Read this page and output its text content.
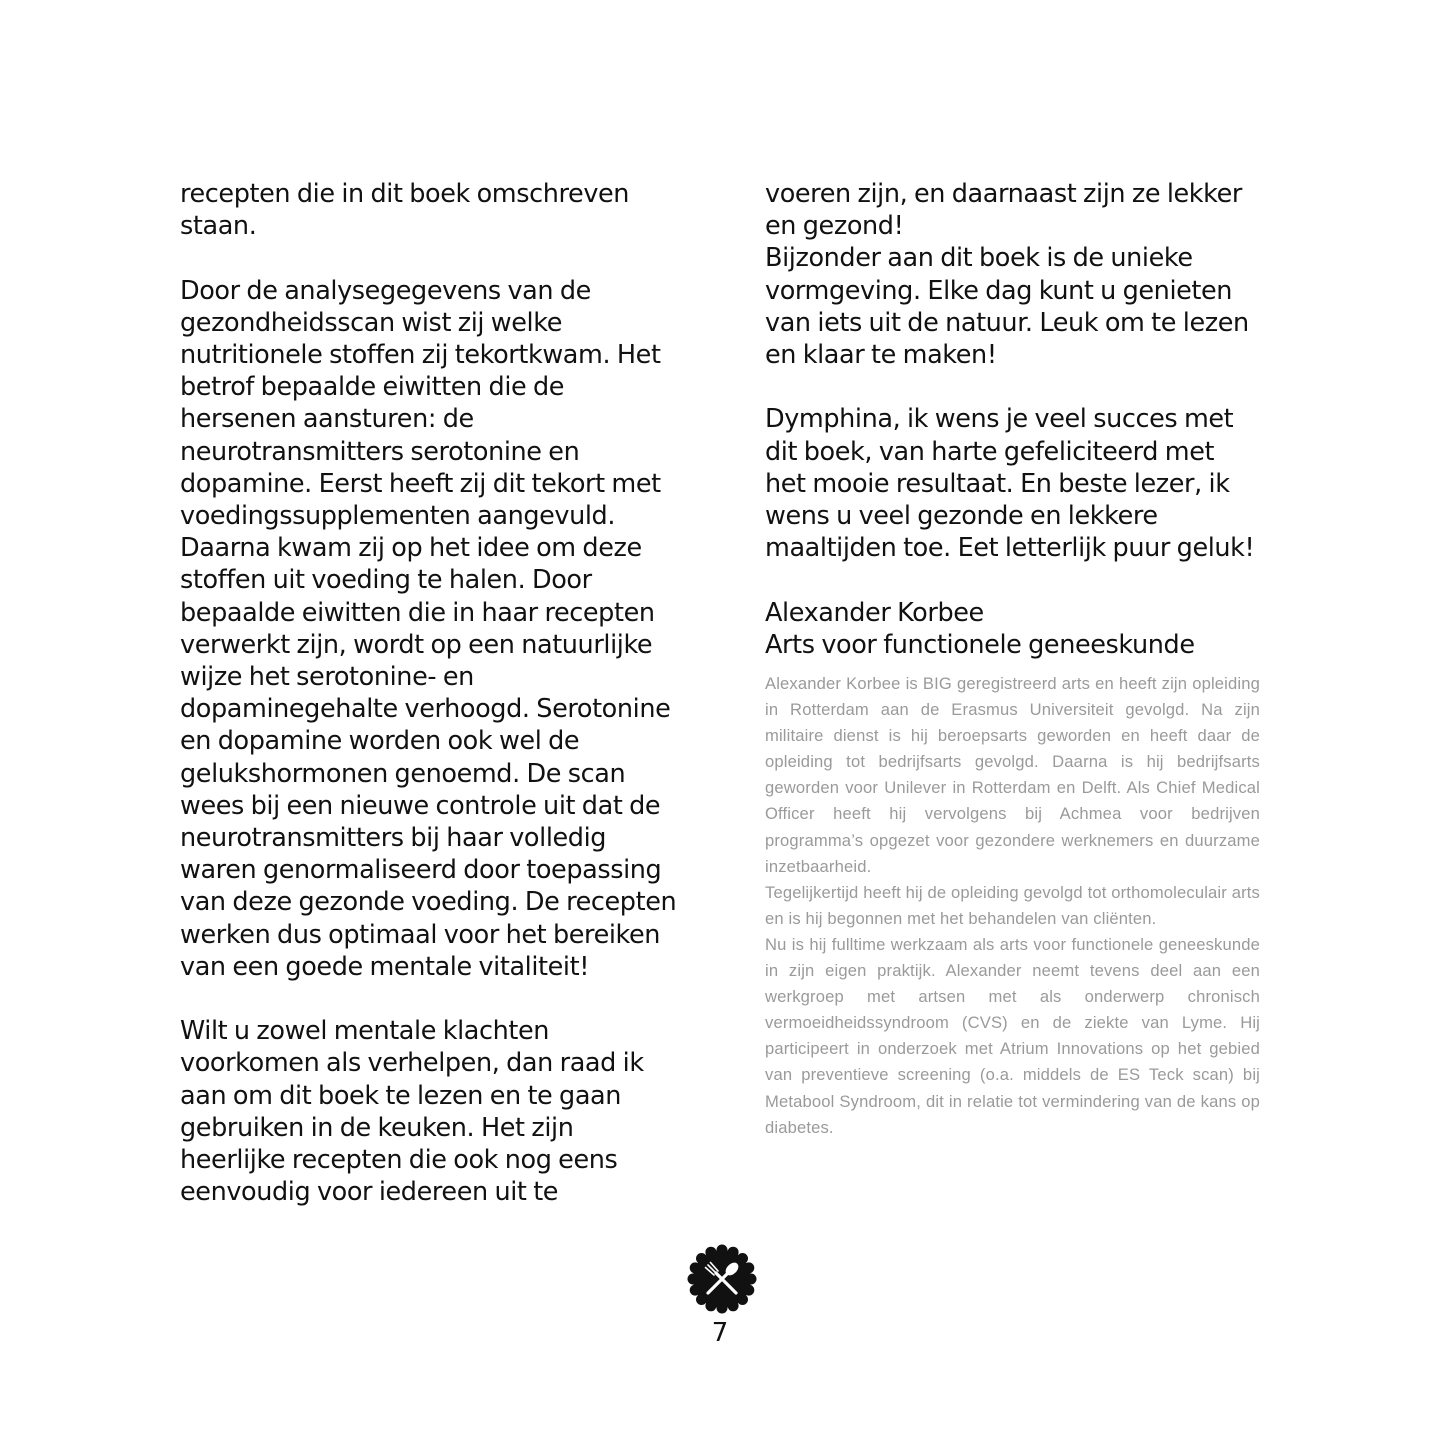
recepten die in dit boek omschreven staan.

Door de analysegegevens van de gezondheidsscan wist zij welke nutritionele stoffen zij tekortkwam. Het betrof bepaalde eiwitten die de hersenen aansturen: de neurotransmitters serotonine en dopamine. Eerst heeft zij dit tekort met voedingssupplementen aangevuld. Daarna kwam zij op het idee om deze stoffen uit voeding te halen. Door bepaalde eiwitten die in haar recepten verwerkt zijn, wordt op een natuurlijke wijze het serotonine- en dopaminegehalte verhoogd. Serotonine en dopamine worden ook wel de gelukshormonen genoemd. De scan wees bij een nieuwe controle uit dat de neurotransmitters bij haar volledig waren genormaliseerd door toepassing van deze gezonde voeding. De recepten werken dus optimaal voor het bereiken van een goede mentale vitaliteit!

Wilt u zowel mentale klachten voorkomen als verhelpen, dan raad ik aan om dit boek te lezen en te gaan gebruiken in de keuken. Het zijn heerlijke recepten die ook nog eens eenvoudig voor iedereen uit te

voeren zijn, en daarnaast zijn ze lekker en gezond!

Bijzonder aan dit boek is de unieke vormgeving. Elke dag kunt u genieten van iets uit de natuur. Leuk om te lezen en klaar te maken!

Dymphina, ik wens je veel succes met dit boek, van harte gefeliciteerd met het mooie resultaat. En beste lezer, ik wens u veel gezonde en lekkere maaltijden toe. Eet letterlijk puur geluk!

Alexander Korbee

Arts voor functionele geneeskunde

Alexander Korbee is BIG geregistreerd arts en heeft zijn opleiding in Rotterdam aan de Erasmus Universiteit gevolgd. Na zijn militaire dienst is hij beroepsarts geworden en heeft daar de opleiding tot bedrijfsarts gevolgd. Daarna is hij bedrijfsarts geworden voor Unilever in Rotterdam en Delft. Als Chief Medical Officer heeft hij vervolgens bij Achmea voor bedrijven programma’s opgezet voor gezondere werknemers en duurzame inzetbaarheid.

Tegelijkertijd heeft hij de opleiding gevolgd tot orthomoleculair arts en is hij begonnen met het behandelen van cliënten.

Nu is hij fulltime werkzaam als arts voor functionele geneeskunde in zijn eigen praktijk. Alexander neemt tevens deel aan een werkgroep met artsen met als onderwerp chronisch vermoeidheidssyndroom (CVS) en de ziekte van Lyme. Hij participeert in onderzoek met Atrium Innovations op het gebied van preventieve screening (o.a. middels de ES Teck scan) bij Metabool Syndroom, dit in relatie tot vermindering van de kans op diabetes.

7
